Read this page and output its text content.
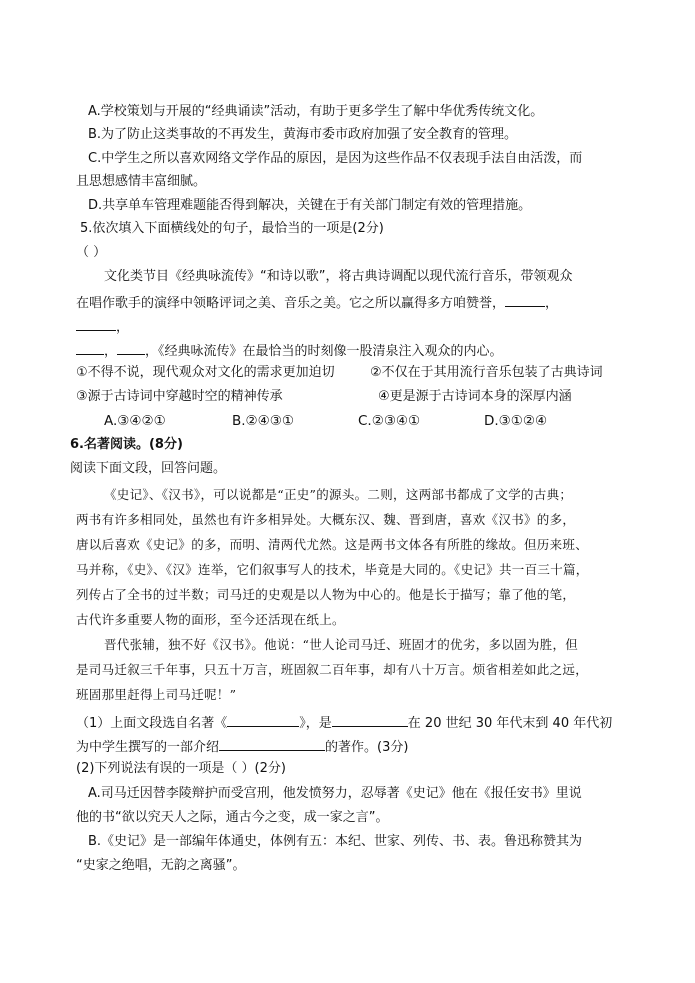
A.学校策划与开展的“经典诵读”活动，有助于更多学生了解中华优秀传统文化。
B.为了防止这类事故的不再发生，黄海市委市政府加强了安全教育的管理。
C.中学生之所以喜欢网络文学作品的原因，是因为这些作品不仅表现手法自由活泼，而
且思想感情丰富细腻。
D.共享单车管理难题能否得到解决，关键在于有关部门制定有效的管理措施。
5.依次填入下面横线处的句子，最恰当的一项是(2分)
（ ）
文化类节目《经典咏流传》“和诗以歌”，将古典诗调配以现代流行音乐，带领观众
在唱作歌手的演绎中领略评词之美、音乐之美。它之所以赢得多方咱赞誉，	，
，
， ，《经典咏流传》在最恰当的时刻像一股清泉注入观众的内心。
①不得不说，现代观众对文化的需求更加迫切	②不仅在于其用流行音乐包装了古典诗词
③源于古诗词中穿越时空的精神传承	④更是源于古诗词本身的深厚内涵
A.③④②①	B.②④③①	C.②③④①	D.③①②④
6.名著阅读。(8分)
阅读下面文段，回答问题。
《史记》、《汉书》，可以说都是“正史”的源头。二则，这两部书都成了文学的古典；
两书有许多相同处，虽然也有许多相异处。大概东汉、魏、晋到唐，喜欢《汉书》的多，
唐以后喜欢《史记》的多，而明、清两代尤然。这是两书文体各有所胜的缘故。但历来班、
马并称，《史》、《汉》连举，它们叙事写人的技术，毕竟是大同的。《史记》共一百三十篇，
列传占了全书的过半数；司马迁的史观是以人物为中心的。他是长于描写；靠了他的笔，
古代许多重要人物的面形，至今还活现在纸上。
晋代张辅，独不好《汉书》。他说：“世人论司马迁、班固才的优劣，多以固为胜，但
是司马迁叙三千年事，只五十万言，班固叙二百年事，却有八十万言。烦省相差如此之远，
班固那里赶得上司马迁呢！”
（1）上面文段选自名著《	》，是	在 20 世纪 30 年代末到 40 年代初
为中学生撰写的一部介绍	的著作。(3分)
(2)下列说法有误的一项是（ ）(2分)
A.司马迁因替李陵辩护而受宫刑，他发愤努力，忍辱著《史记》他在《报任安书》里说
他的书“欲以究天人之际，通古今之变，成一家之言”。
B.《史记》是一部编年体通史，体例有五：本纪、世家、列传、书、表。鲁迅称赞其为
“史家之绝唱，无韵之离骚”。
